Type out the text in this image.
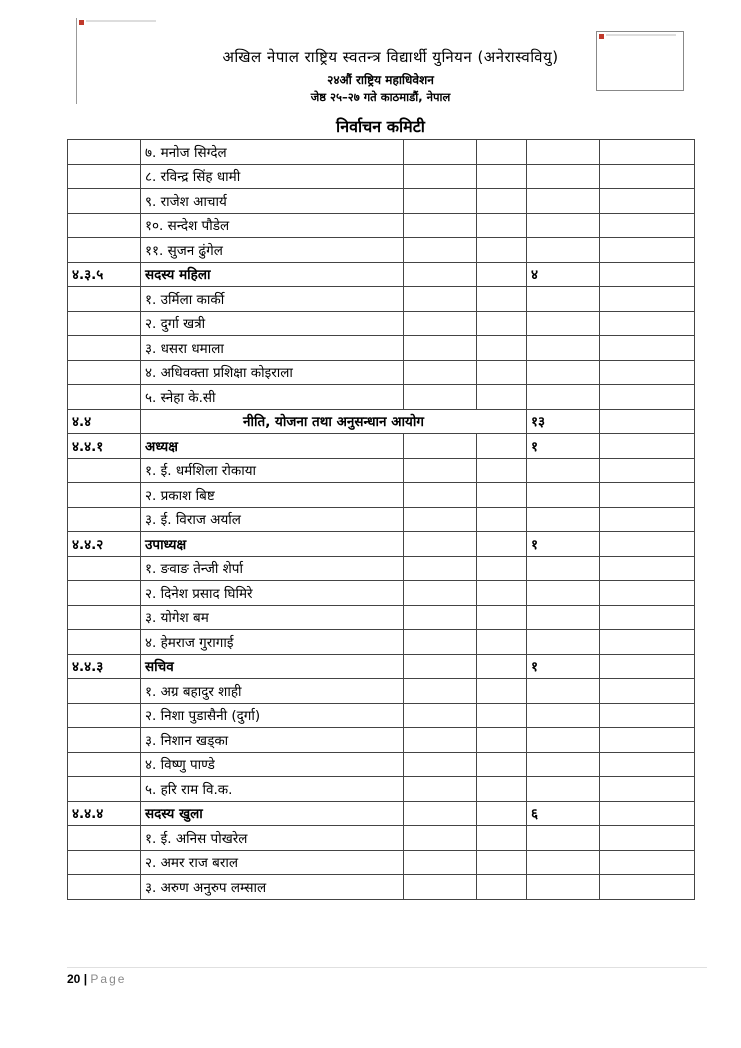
अखिल नेपाल राष्ट्रिय स्वतन्त्र विद्यार्थी युनियन (अनेरास्ववियु)
२४औं राष्ट्रिय महाधिवेशन
जेष्ठ २५–२७ गते काठमाडौं, नेपाल
निर्वाचन कमिटी
	७. मनोज सिग्देल				
	८. रविन्द्र सिंह धामी				
	९. राजेश आचार्य				
	१०. सन्देश पौडेल				
	११. सुजन ढुंगेल				
४.३.५	सदस्य महिला			४	
	१. उर्मिला कार्की				
	२. दुर्गा खत्री				
	३. धसरा धमाला				
	४. अधिवक्ता प्रशिक्षा कोइराला				
	५. स्नेहा के.सी				
४.४	नीति, योजना तथा अनुसन्धान आयोग			१३	
४.४.१	अध्यक्ष			१	
	१. ई. धर्मशिला रोकाया				
	२. प्रकाश बिष्ट				
	३. ई. विराज अर्याल				
४.४.२	उपाध्यक्ष			१	
	१. ङवाङ तेन्जी शेर्पा				
	२. दिनेश प्रसाद घिमिरे				
	३. योगेश बम				
	४. हेमराज गुरागाई				
४.४.३	सचिव			१	
	१. अग्र बहादुर शाही				
	२. निशा पुडासैनी (दुर्गा)				
	३. निशान खड्का				
	४. विष्णु पाण्डे				
	५. हरि राम वि.क.				
४.४.४	सदस्य खुला			६	
	१. ई. अनिस पोखरेल				
	२. अमर राज बराल				
	३. अरुण अनुरुप लम्साल				
20 | Page
